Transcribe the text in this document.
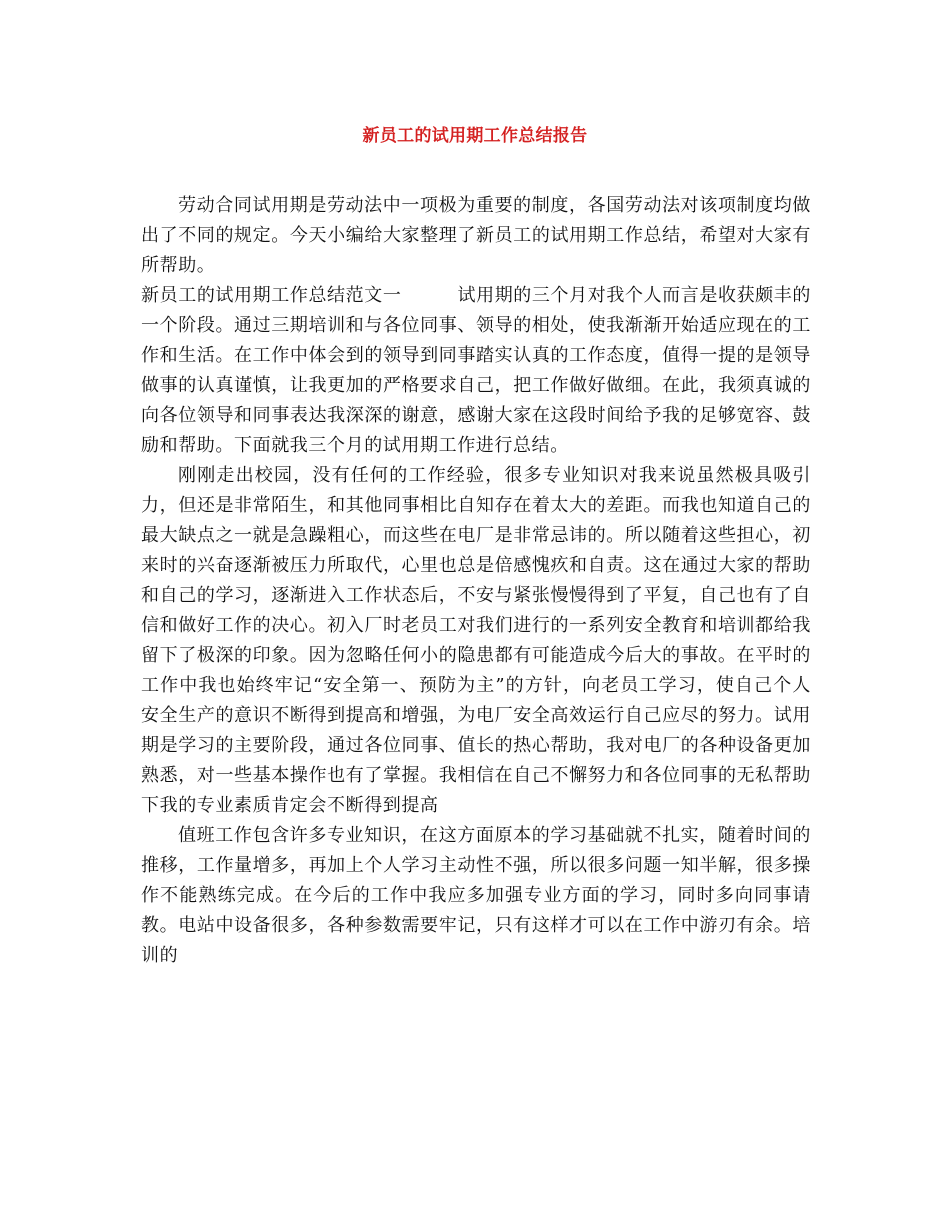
新员工的试用期工作总结报告

劳动合同试用期是劳动法中一项极为重要的制度，各国劳动法对该项制度均做出了不同的规定。今天小编给大家整理了新员工的试用期工作总结，希望对大家有所帮助。

新员工的试用期工作总结范文一	试用期的三个月对我个人而言是收获颇丰的一个阶段。通过三期培训和与各位同事、领导的相处，使我渐渐开始适应现在的工作和生活。在工作中体会到的领导到同事踏实认真的工作态度，值得一提的是领导做事的认真谨慎，让我更加的严格要求自己，把工作做好做细。在此，我须真诚的向各位领导和同事表达我深深的谢意，感谢大家在这段时间给予我的足够宽容、鼓励和帮助。下面就我三个月的试用期工作进行总结。

刚刚走出校园，没有任何的工作经验，很多专业知识对我来说虽然极具吸引力，但还是非常陌生，和其他同事相比自知存在着太大的差距。而我也知道自己的最大缺点之一就是急躁粗心，而这些在电厂是非常忌讳的。所以随着这些担心，初来时的兴奋逐渐被压力所取代，心里也总是倍感愧疚和自责。这在通过大家的帮助和自己的学习，逐渐进入工作状态后，不安与紧张慢慢得到了平复，自己也有了自信和做好工作的决心。初入厂时老员工对我们进行的一系列安全教育和培训都给我留下了极深的印象。因为忽略任何小的隐患都有可能造成今后大的事故。在平时的工作中我也始终牢记“安全第一、预防为主”的方针，向老员工学习，使自己个人安全生产的意识不断得到提高和增强，为电厂安全高效运行自己应尽的努力。试用期是学习的主要阶段，通过各位同事、值长的热心帮助，我对电厂的各种设备更加熟悉，对一些基本操作也有了掌握。我相信在自己不懈努力和各位同事的无私帮助下我的专业素质肯定会不断得到提高

值班工作包含许多专业知识，在这方面原本的学习基础就不扎实，随着时间的推移，工作量增多，再加上个人学习主动性不强，所以很多问题一知半解，很多操作不能熟练完成。在今后的工作中我应多加强专业方面的学习，同时多向同事请教。电站中设备很多，各种参数需要牢记，只有这样才可以在工作中游刃有余。培训的
